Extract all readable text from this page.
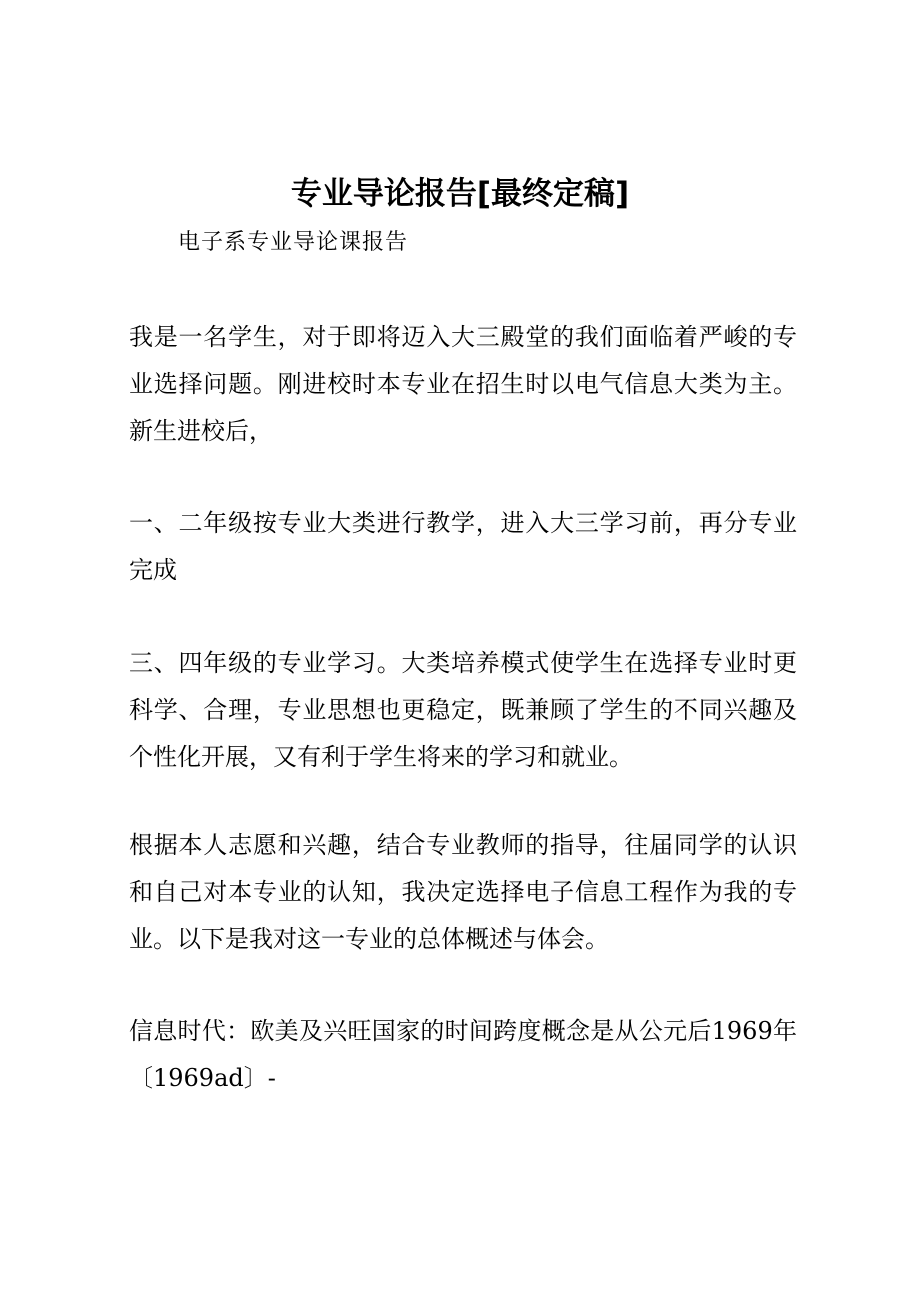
专业导论报告[最终定稿]

电子系专业导论课报告

我是一名学生，对于即将迈入大三殿堂的我们面临着严峻的专业选择问题。刚进校时本专业在招生时以电气信息大类为主。新生进校后，

一、二年级按专业大类进行教学，进入大三学习前，再分专业完成

三、四年级的专业学习。大类培养模式使学生在选择专业时更科学、合理，专业思想也更稳定，既兼顾了学生的不同兴趣及个性化开展，又有利于学生将来的学习和就业。

根据本人志愿和兴趣，结合专业教师的指导，往届同学的认识和自己对本专业的认知，我决定选择电子信息工程作为我的专业。以下是我对这一专业的总体概述与体会。

信息时代：欧美及兴旺国家的时间跨度概念是从公元后1969年〔1969ad〕-
